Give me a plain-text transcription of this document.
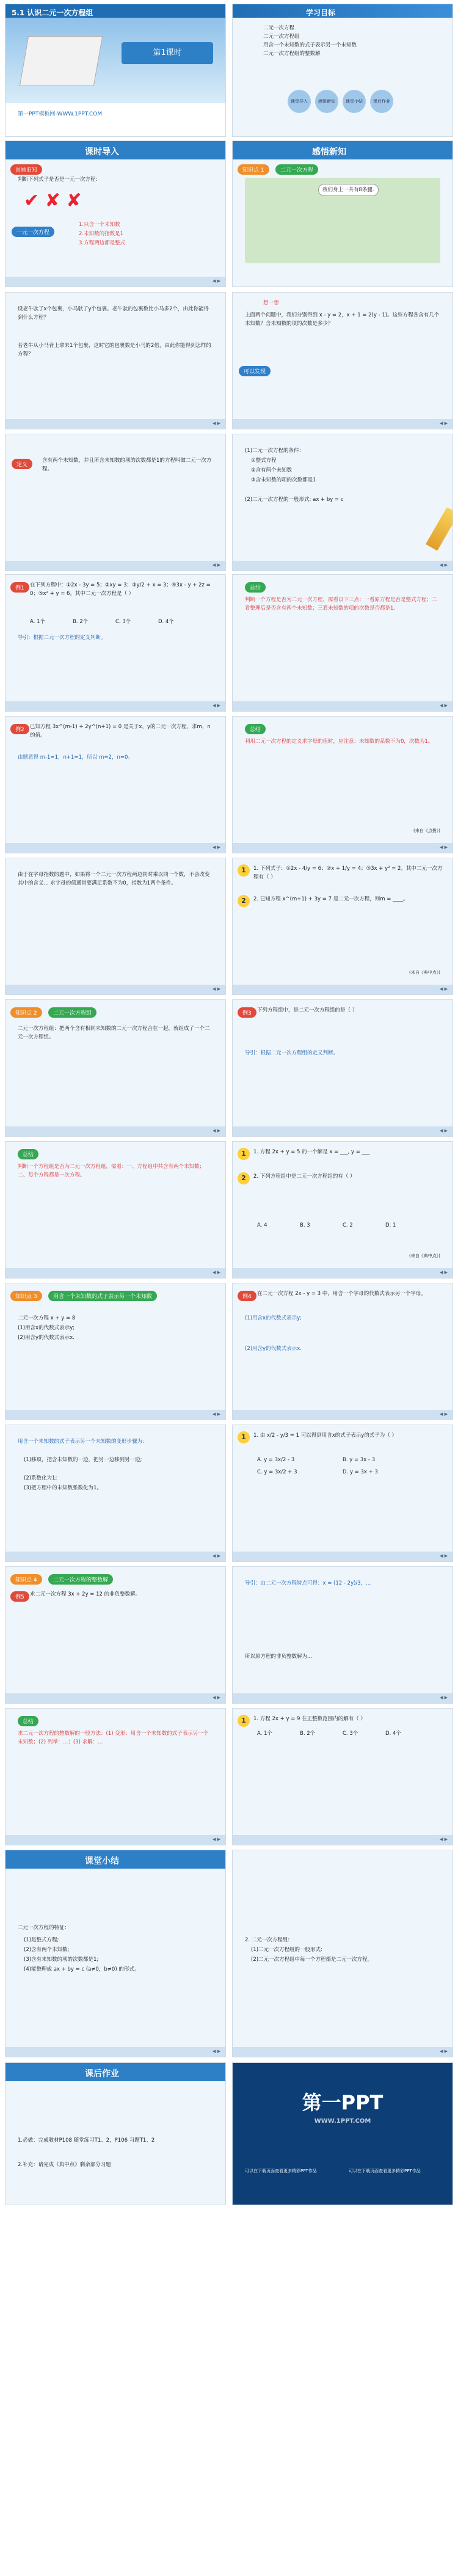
5.1 认识二元一次方程组
第1课时
第一PPT模板网-WWW.1PPT.COM
学习目标
二元一次方程
二元一次方程组
用含一个未知数的式子表示另一个未知数
二元一次方程组的整数解
课堂导入	感悟新知	课堂小结	课后作业
课时导入
回顾旧知
判断下列式子是否是一元一次方程:
✔ ✘ ✘
一元一次方程
1.只含一个未知数
2.未知数的指数是1
3.方程两边都是整式
◀ ▶
感悟新知
知识点 1	二元一次方程
我们身上一共有8条腿.
设老牛驮了x个包裹，小马驮了y个包裹。老牛驮的包裹数比小马多2个，由此你能得到什么方程？
若老牛从小马背上拿来1个包裹，这时它的包裹数是小马的2倍，由此你能得到怎样的方程？
◀ ▶
想一想
上面两个问题中，我们分别得到 x - y = 2，x + 1 = 2(y - 1)。这些方程各含有几个未知数？含未知数的项的次数是多少？
可以发现
◀ ▶
定义
含有两个未知数，并且所含未知数的项的次数都是1的方程叫做二元一次方程。
◀ ▶
(1)二元一次方程的条件：
①整式方程
②含有两个未知数
③含未知数的项的次数都是1
(2)二元一次方程的一般形式: ax + by = c
◀ ▶
例1	在下列方程中：①2x - 3y = 5；②xy = 3；③y/2 + x = 3；④3x - y + 2z = 0；⑤x² + y = 6。其中二元一次方程是（ ）
A. 1个	B. 2个	C. 3个	D. 4个
导引：根据二元一次方程的定义判断。
◀ ▶
总结
判断一个方程是否为二元一次方程，需看以下三点：一看原方程是否是整式方程；二看整理后是否含有两个未知数；三看未知数的项的次数是否都是1。
◀ ▶
例2	已知方程 3x^(m-1) + 2y^(n+1) = 0 是关于x，y的二元一次方程，求m，n的值。
由题意得 m-1=1，n+1=1，所以 m=2，n=0。
◀ ▶
总结
利用二元一次方程的定义求字母的值时，应注意：未知数的系数不为0，次数为1。
(来自《点拨》)
◀ ▶
由于在字母指数的题中，如果将一个二元一次方程两边同时乘以同一个数，不会改变其中的含义... 求字母的值通常要满足系数不为0，指数为1两个条件。
◀ ▶
1	1. 下列式子：①2x - 4/y = 6；②x + 1/y = 4；③3x + y² = 2。其中二元一次方程有（ ）
2	2. 已知方程 x^(m+1) + 3y = 7 是二元一次方程，则m = ____。
(来自《典中点》)
◀ ▶
知识点 2	二元一次方程组
二元一次方程组：把两个含有相同未知数的二元一次方程合在一起，就组成了一个二元一次方程组。
◀ ▶
例3	下列方程组中，是二元一次方程组的是（ ）
导引：根据二元一次方程组的定义判断。
◀ ▶
总结
判断一个方程组是否为二元一次方程组，需看：一、方程组中共含有两个未知数；二、每个方程都是一次方程。
◀ ▶
1	1. 方程 2x + y = 5 的一个解是 x = ___, y = ___
2	2. 下列方程组中是二元一次方程组的有（ ）
A. 4	B. 3	C. 2	D. 1
(来自《典中点》)
◀ ▶
知识点 3	用含一个未知数的式子表示另一个未知数
二元一次方程 x + y = 8
(1)用含x的代数式表示y;
(2)用含y的代数式表示x.
◀ ▶
例4	在二元一次方程 2x - y = 3 中，用含一个字母的代数式表示另一个字母。
(1)用含x的代数式表示y;
(2)用含y的代数式表示x.
◀ ▶
用含一个未知数的式子表示另一个未知数的变形步骤为：
(1)移项，把含未知数的一边，把另一边移到另一边;
(2)系数化为1;
(3)把方程中的未知数系数化为1。
◀ ▶
1	1. 由 x/2 - y/3 = 1 可以得到用含x的式子表示y的式子为（ ）
A. y = 3x/2 - 3	B. y = 3x - 3
C. y = 3x/2 + 3	D. y = 3x + 3
◀ ▶
知识点 4	二元一次方程的整数解
例5	求二元一次方程 3x + 2y = 12 的非负整数解。
◀ ▶
导引：由二元一次方程特点可得：x = (12 - 2y)/3，...
所以原方程的非负整数解为...
◀ ▶
总结
求二元一次方程的整数解的一般方法：(1) 变形：用含一个未知数的式子表示另一个未知数；(2) 列举：...；(3) 求解：...
◀ ▶
1	1. 方程 2x + y = 9 在正整数范围内的解有（ ）
A. 1个	B. 2个	C. 3个	D. 4个
◀ ▶
课堂小结
二元一次方程的特征：
(1)是整式方程;
(2)含有两个未知数;
(3)含有未知数的项的次数都是1;
(4)能整理成 ax + by = c (a≠0，b≠0) 的形式。
◀ ▶
2. 二元一次方程组:
(1)二元一次方程组的一般形式:
(2)二元一次方程组中每一个方程都是二元一次方程。
◀ ▶
课后作业
1.必做：完成教材P108 随堂练习T1、2，P106 习题T1、2
2.补充：请完成《典中点》剩余部分习题
第一PPT
WWW.1PPT.COM
可以在下载页面查看更多精彩PPT作品	可以在下载页面查看更多精彩PPT作品
